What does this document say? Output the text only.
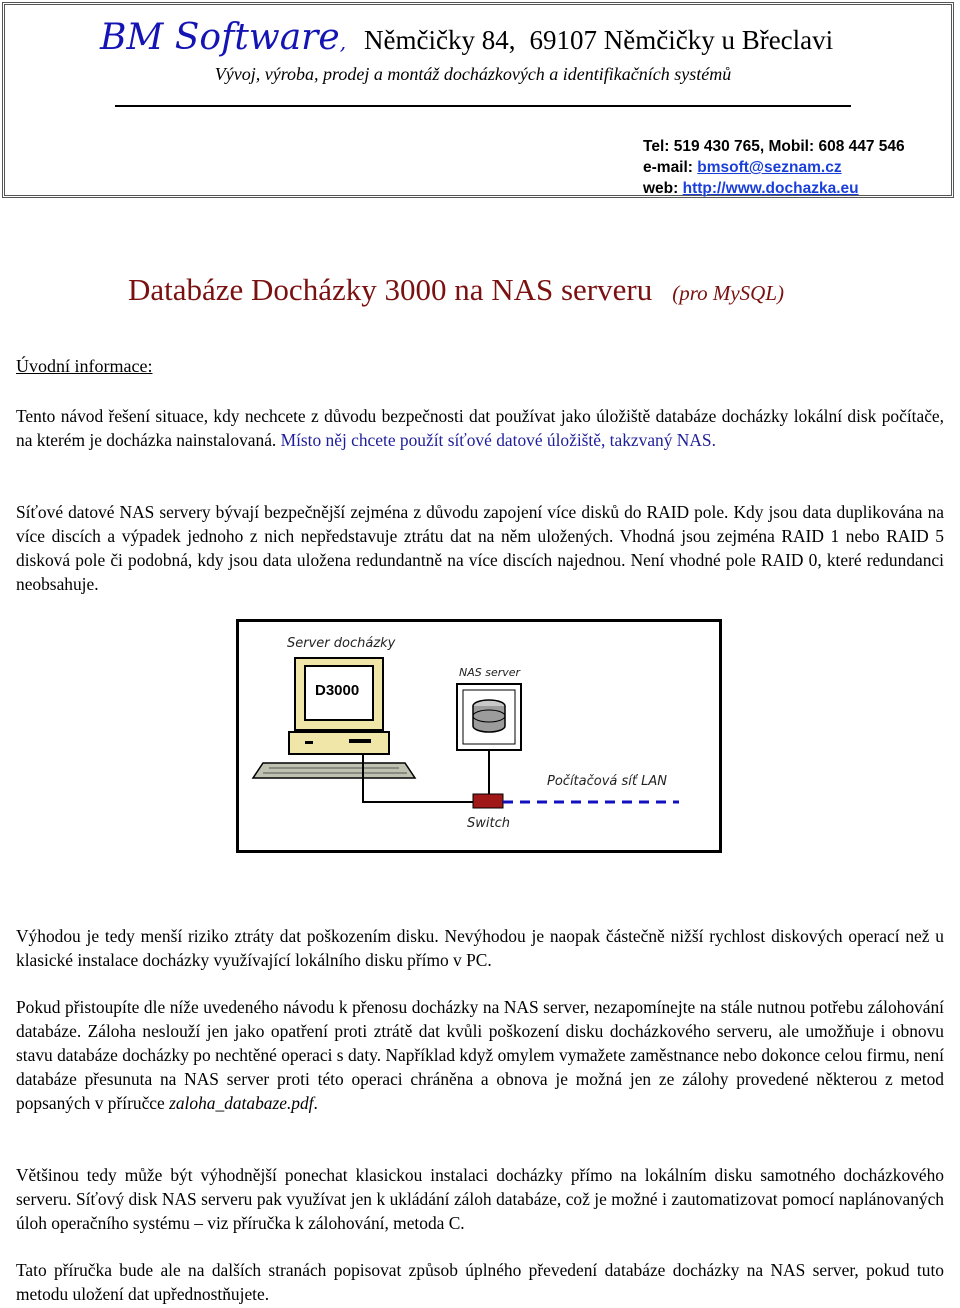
BM Software, Němčičky 84, 69107 Němčičky u Břeclavi
Vývoj, výroba, prodej a montáž docházkových a identifikačních systémů
Tel: 519 430 765, Mobil: 608 447 546
e-mail: bmsoft@seznam.cz
web: http://www.dochazka.eu
Databáze Docházky 3000 na NAS serveru (pro MySQL)
Úvodní informace:

Tento návod řešení situace, kdy nechcete z důvodu bezpečnosti dat používat jako úložiště databáze docházky lokální disk počítače, na kterém je docházka nainstalovaná. Místo něj chcete použít síťové datové úložiště, takzvaný NAS.

Síťové datové NAS servery bývají bezpečnější zejména z důvodu zapojení více disků do RAID pole. Kdy jsou data duplikována na více discích a výpadek jednoho z nich nepředstavuje ztrátu dat na něm uložených. Vhodná jsou zejména RAID 1 nebo RAID 5 disková pole či podobná, kdy jsou data uložena redundantně na více discích najednou. Není vhodné pole RAID 0, které redundanci neobsahuje.

Server docházky
D3000
NAS server
Počítačová síť LAN
Switch

Výhodou je tedy menší riziko ztráty dat poškozením disku. Nevýhodou je naopak částečně nižší rychlost diskových operací než u klasické instalace docházky využívající lokálního disku přímo v PC.

Pokud přistoupíte dle níže uvedeného návodu k přenosu docházky na NAS server, nezapomínejte na stále nutnou potřebu zálohování databáze. Záloha neslouží jen jako opatření proti ztrátě dat kvůli poškození disku docházkového serveru, ale umožňuje i obnovu stavu databáze docházky po nechtěné operaci s daty. Například když omylem vymažete zaměstnance nebo dokonce celou firmu, není databáze přesunuta na NAS server proti této operaci chráněna a obnova je možná jen ze zálohy provedené některou z metod popsaných v příručce zaloha_databaze.pdf.

Většinou tedy může být výhodnější ponechat klasickou instalaci docházky přímo na lokálním disku samotného docházkového serveru. Síťový disk NAS serveru pak využívat jen k ukládání záloh databáze, což je možné i zautomatizovat pomocí naplánovaných úloh operačního systému – viz příručka k zálohování, metoda C.

Tato příručka bude ale na dalších stranách popisovat způsob úplného převedení databáze docházky na NAS server, pokud tuto metodu uložení dat upřednostňujete.
